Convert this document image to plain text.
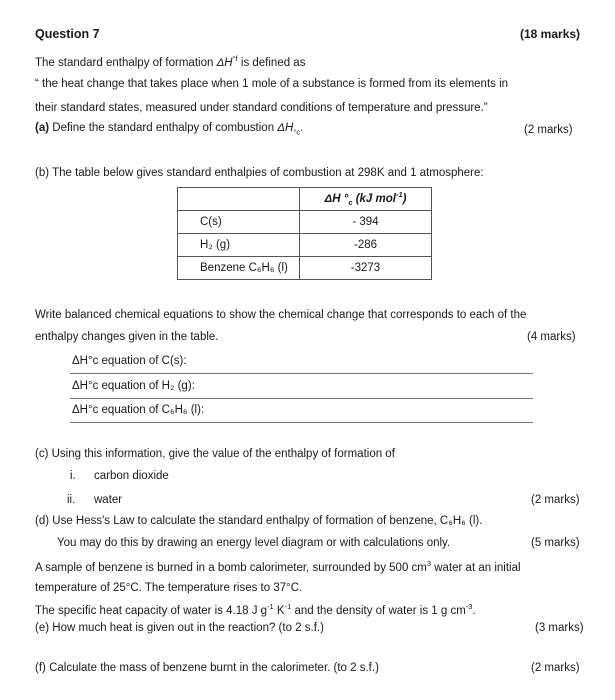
Question 7	(18 marks)
The standard enthalpy of formation $\Delta H^{^\circ f}$ is defined as
“ the heat change that takes place when 1 mole of a substance is formed from its elements in
their standard states, measured under standard conditions of temperature and pressure.”
(a) Define the standard enthalpy of combustion $\Delta H_{^\circ c}$.	(2 marks)
(b) The table below gives standard enthalpies of combustion at 298K and 1 atmosphere:
	ΔH $^\circ_c$ (kJ mol$^{-1}$)
C(s)	- 394
H₂ (g)	-286
Benzene C₆H₆ (l)	-3273
Write balanced chemical equations to show the chemical change that corresponds to each of the
enthalpy changes given in the table.	(4 marks)
ΔH°c equation of C(s):
ΔH°c equation of H₂ (g):
ΔH°c equation of C₆H₆ (l):
(c) Using this information, give the value of the enthalpy of formation of
i. carbon dioxide
ii. water	(2 marks)
(d) Use Hess's Law to calculate the standard enthalpy of formation of benzene, C₆H₆ (l).
You may do this by drawing an energy level diagram or with calculations only.	(5 marks)
A sample of benzene is burned in a bomb calorimeter, surrounded by 500 $cm^3$ water at an initial
temperature of 25°C. The temperature rises to 37°C.
The specific heat capacity of water is 4.18 J $g^{-1}$ $K^{-1}$ and the density of water is 1 g $cm^{-3}$.
(e) How much heat is given out in the reaction? (to 2 s.f.)	(3 marks)
(f) Calculate the mass of benzene burnt in the calorimeter. (to 2 s.f.)	(2 marks)
